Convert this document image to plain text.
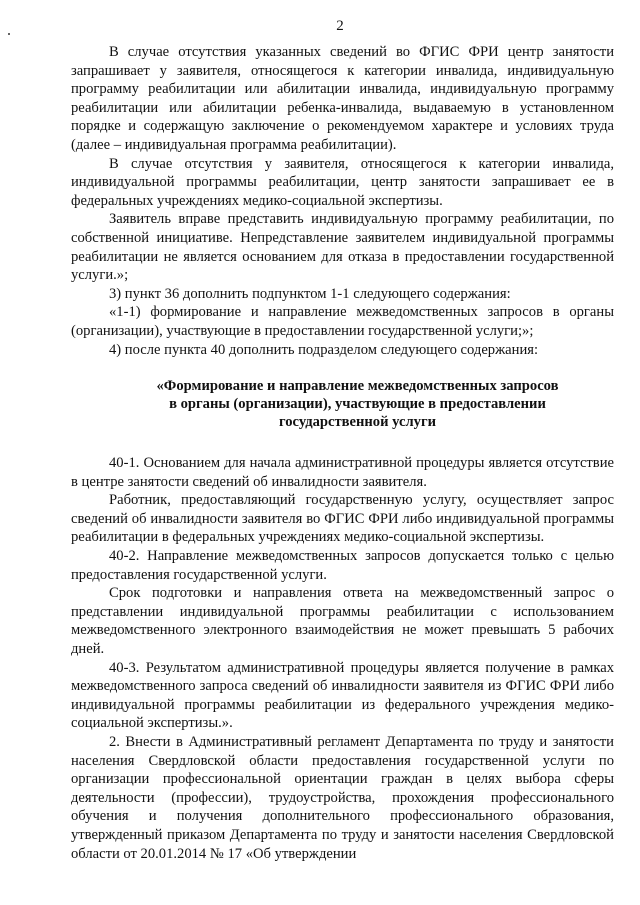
2

В случае отсутствия указанных сведений во ФГИС ФРИ центр занятости запрашивает у заявителя, относящегося к категории инвалида, индивидуальную программу реабилитации или абилитации инвалида, индивидуальную программу реабилитации или абилитации ребенка-инвалида, выдаваемую в установленном порядке и содержащую заключение о рекомендуемом характере и условиях труда (далее – индивидуальная программа реабилитации).

В случае отсутствия у заявителя, относящегося к категории инвалида, индивидуальной программы реабилитации, центр занятости запрашивает ее в федеральных учреждениях медико-социальной экспертизы.

Заявитель вправе представить индивидуальную программу реабилитации, по собственной инициативе. Непредставление заявителем индивидуальной программы реабилитации не является основанием для отказа в предоставлении государственной услуги.»;

3) пункт 36 дополнить подпунктом 1-1 следующего содержания:

«1-1) формирование и направление межведомственных запросов в органы (организации), участвующие в предоставлении государственной услуги;»;

4) после пункта 40 дополнить подразделом следующего содержания:

«Формирование и направление межведомственных запросов

в органы (организации), участвующие в предоставлении

государственной услуги

40-1. Основанием для начала административной процедуры является отсутствие в центре занятости сведений об инвалидности заявителя.

Работник, предоставляющий государственную услугу, осуществляет запрос сведений об инвалидности заявителя во ФГИС ФРИ либо индивидуальной программы реабилитации в федеральных учреждениях медико-социальной экспертизы.

40-2. Направление межведомственных запросов допускается только с целью предоставления государственной услуги.

Срок подготовки и направления ответа на межведомственный запрос о представлении индивидуальной программы реабилитации с использованием межведомственного электронного взаимодействия не может превышать 5 рабочих дней.

40-3. Результатом административной процедуры является получение в рамках межведомственного запроса сведений об инвалидности заявителя из ФГИС ФРИ либо индивидуальной программы реабилитации из федерального учреждения медико-социальной экспертизы.».

2. Внести в Административный регламент Департамента по труду и занятости населения Свердловской области предоставления государственной услуги по организации профессиональной ориентации граждан в целях выбора сферы деятельности (профессии), трудоустройства, прохождения профессионального обучения и получения дополнительного профессионального образования, утвержденный приказом Департамента по труду и занятости населения Свердловской области от 20.01.2014 № 17 «Об утверждении
